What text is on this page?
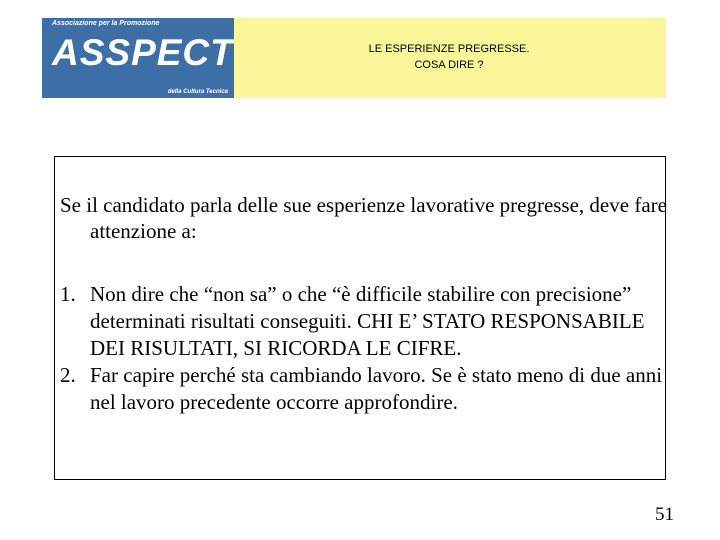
Associazione per la Promozione
ASSPECT
della Cultura Tecnica
LE ESPERIENZE PREGRESSE.
COSA DIRE ?
Se il candidato parla delle sue esperienze lavorative pregresse, deve fare attenzione a:
1. Non dire che “non sa” o che “è difficile stabilire con precisione” determinati risultati conseguiti. CHI E’ STATO RESPONSABILE DEI RISULTATI, SI RICORDA LE CIFRE.
2. Far capire perché sta cambiando lavoro. Se è stato meno di due anni nel lavoro precedente occorre approfondire.
51
